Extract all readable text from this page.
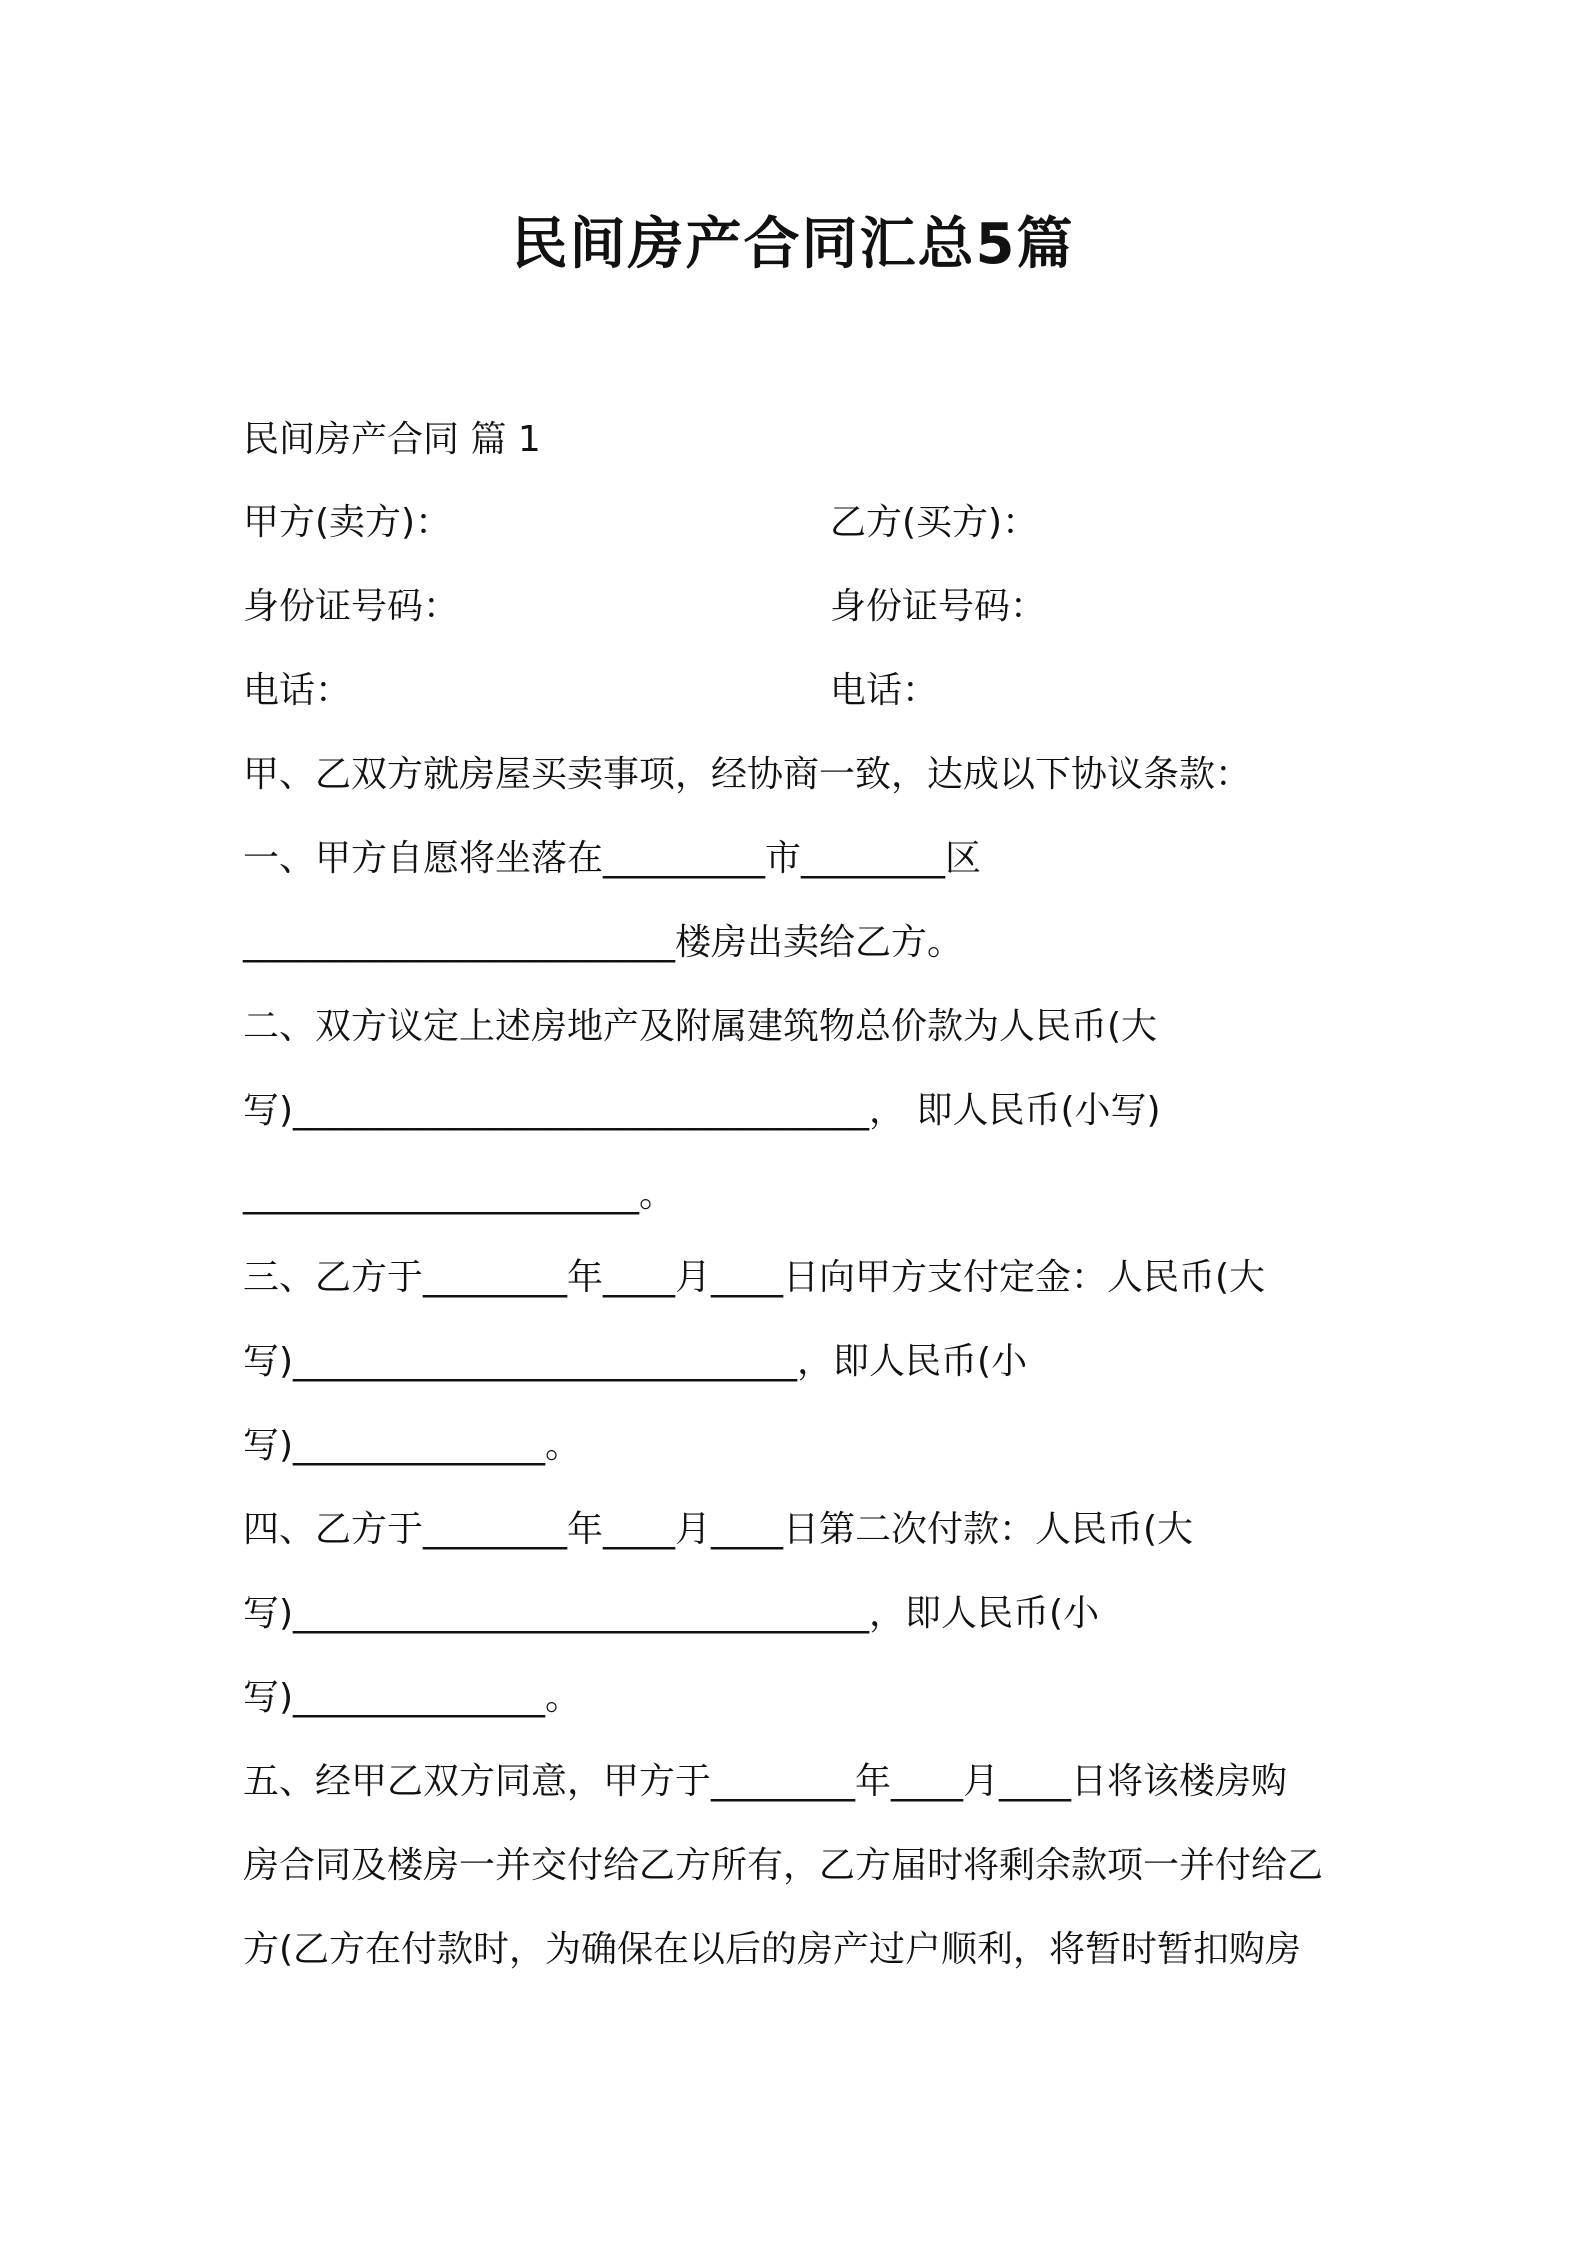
民间房产合同汇总5篇
民间房产合同 篇 1
甲方(卖方)：	乙方(买方)：
身份证号码：	身份证号码：
电话：	电话：
甲、乙双方就房屋买卖事项，经协商一致，达成以下协议条款：
一、甲方自愿将坐落在_________市________区
________________________楼房出卖给乙方。
二、双方议定上述房地产及附属建筑物总价款为人民币(大
写)________________________________， 即人民币(小写)
______________________。
三、乙方于________年____月____日向甲方支付定金：人民币(大
写)____________________________，即人民币(小
写)______________。
四、乙方于________年____月____日第二次付款：人民币(大
写)________________________________，即人民币(小
写)______________。
五、经甲乙双方同意，甲方于________年____月____日将该楼房购
房合同及楼房一并交付给乙方所有，乙方届时将剩余款项一并付给乙
方(乙方在付款时，为确保在以后的房产过户顺利，将暂时暂扣购房
